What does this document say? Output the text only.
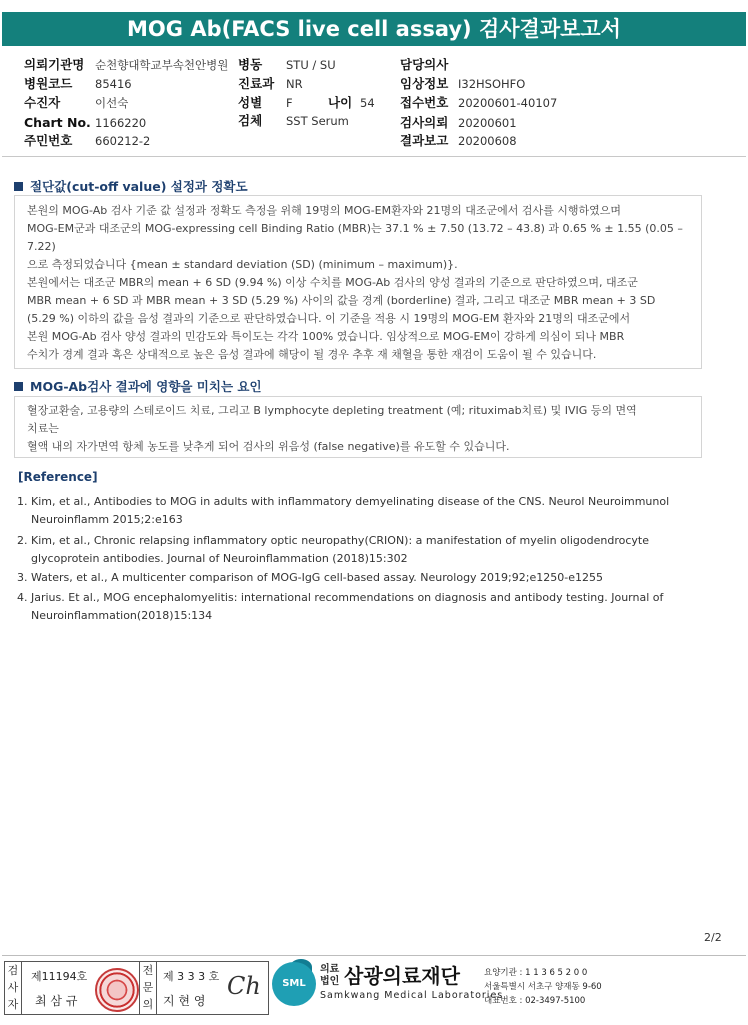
MOG Ab(FACS live cell assay) 검사결과보고서
의뢰기관명 순천향대학교부속천안병원 병동 STU / SU	담당의사
병원코드 85416	진료과 NR	임상정보 I32HSOHFO
수진자	이선숙	성별 F	나이 54 접수번호 20200601-40107
Chart No. 1166220	검체 SST Serum	검사의뢰 20200601
주민번호 660212-2	결과보고 20200608
절단값(cut-off value) 설정과 정확도
본원의 MOG-Ab 검사 기준 값 설정과 정확도 측정을 위해 19명의 MOG-EM환자와 21명의 대조군에서 검사를 시행하였으며
MOG-EM군과 대조군의 MOG-expressing cell Binding Ratio (MBR)는 37.1 % ± 7.50 (13.72 – 43.8) 과 0.65 % ± 1.55 (0.05 –
7.22)
으로 측정되었습니다 {mean ± standard deviation (SD) (minimum – maximum)}.
본원에서는 대조군 MBR의 mean + 6 SD (9.94 %) 이상 수치를 MOG-Ab 검사의 양성 결과의 기준으로 판단하였으며, 대조군
MBR mean + 6 SD 과 MBR mean + 3 SD (5.29 %) 사이의 값을 경계 (borderline) 결과, 그리고 대조군 MBR mean + 3 SD
(5.29 %) 이하의 값을 음성 결과의 기준으로 판단하였습니다. 이 기준을 적용 시 19명의 MOG-EM 환자와 21명의 대조군에서
본원 MOG-Ab 검사 양성 결과의 민감도와 특이도는 각각 100% 였습니다. 임상적으로 MOG-EM이 강하게 의심이 되나 MBR
수치가 경계 결과 혹은 상대적으로 높은 음성 결과에 해당이 될 경우 추후 재 채혈을 통한 재검이 도움이 될 수 있습니다.
MOG-Ab검사 결과에 영향을 미치는 요인
혈장교환술, 고용량의 스테로이드 치료, 그리고 B lymphocyte depleting treatment (예; rituximab치료) 및 IVIG 등의 면역
치료는
혈액 내의 자가면역 항체 농도를 낮추게 되어 검사의 위음성 (false negative)를 유도할 수 있습니다.
[Reference]
1. Kim, et al., Antibodies to MOG in adults with inflammatory demyelinating disease of the CNS. Neurol Neuroimmunol
Neuroinflamm 2015;2:e163
2. Kim, et al., Chronic relapsing inflammatory optic neuropathy(CRION): a manifestation of myelin oligodendrocyte
glycoprotein antibodies. Journal of Neuroinflammation (2018)15:302
3. Waters, et al., A multicenter comparison of MOG-IgG cell-based assay. Neurology 2019;92;e1250-e1255
4. Jarius. Et al., MOG encephalomyelitis: international recommendations on diagnosis and antibody testing. Journal of
Neuroinflammation(2018)15:134
2/2
검
사
자
제11194호
최 삼 규
전
문
의
제 3 3 3 호
지 현 영
Ch	SML
의료법인 삼광의료재단
Samkwang Medical Laboratories
요양기관 : 1 1 3 6 5 2 0 0
서울특별시 서초구 양재동 9-60
대표번호 : 02-3497-5100
